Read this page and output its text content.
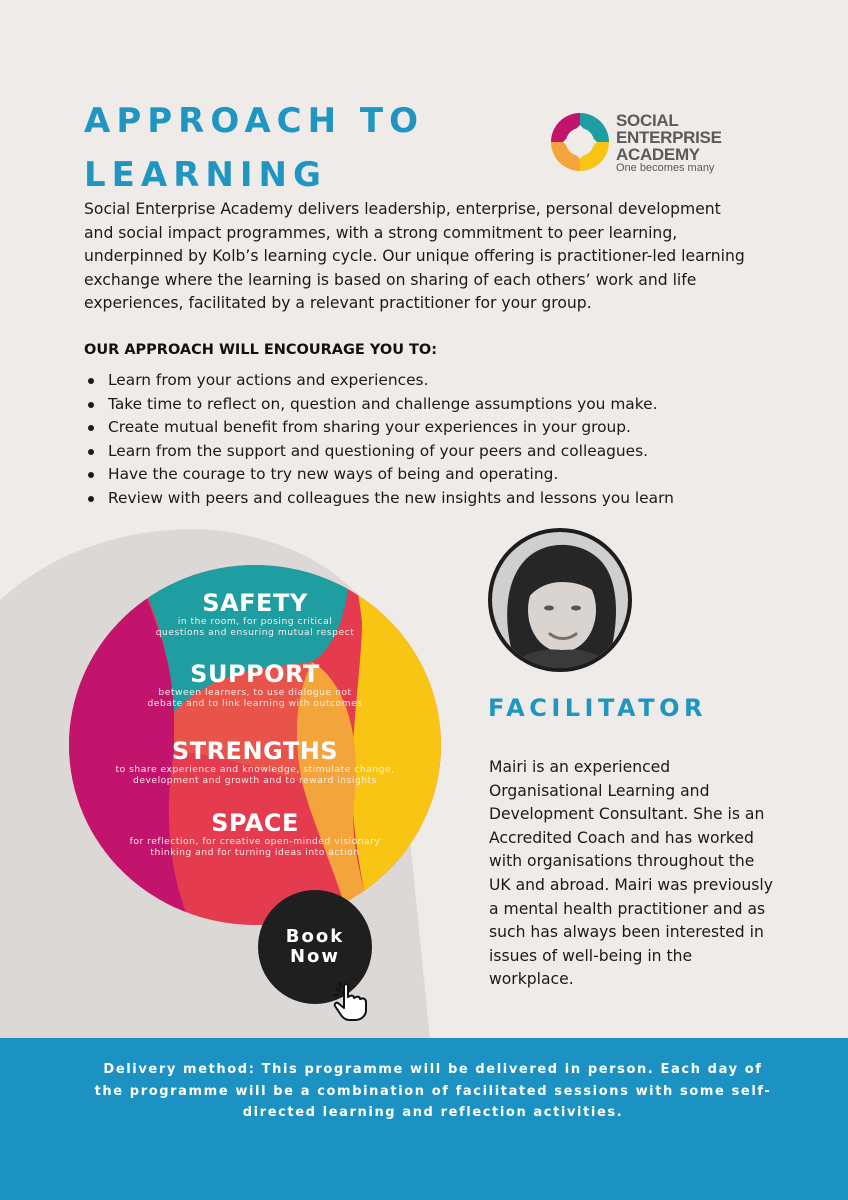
APPROACH TO
LEARNING
SOCIAL
ENTERPRISE
ACADEMY
One becomes many

Social Enterprise Academy delivers leadership, enterprise, personal development and social impact programmes, with a strong commitment to peer learning, underpinned by Kolb’s learning cycle. Our unique offering is practitioner-led learning exchange where the learning is based on sharing of each others’ work and life experiences, facilitated by a relevant practitioner for your group.

OUR APPROACH WILL ENCOURAGE YOU TO:
Learn from your actions and experiences.
Take time to reflect on, question and challenge assumptions you make.
Create mutual benefit from sharing your experiences in your group.
Learn from the support and questioning of your peers and colleagues.
Have the courage to try new ways of being and operating.
Review with peers and colleagues the new insights and lessons you learn
SAFETY
in the room, for posing critical
questions and ensuring mutual respect
SUPPORT
between learners, to use dialogue not
debate and to link learning with outcomes
STRENGTHS
to share experience and knowledge, stimulate change,
development and growth and to reward insights
SPACE
for reflection, for creative open-minded visionary
thinking and for turning ideas into action
Book
Now
FACILITATOR

Mairi is an experienced Organisational Learning and Development Consultant. She is an Accredited Coach and has worked with organisations throughout the UK and abroad. Mairi was previously a mental health practitioner and as such has always been interested in issues of well-being in the workplace.

Delivery method: This programme will be delivered in person. Each day of the programme will be a combination of facilitated sessions with some self-directed learning and reflection activities.
